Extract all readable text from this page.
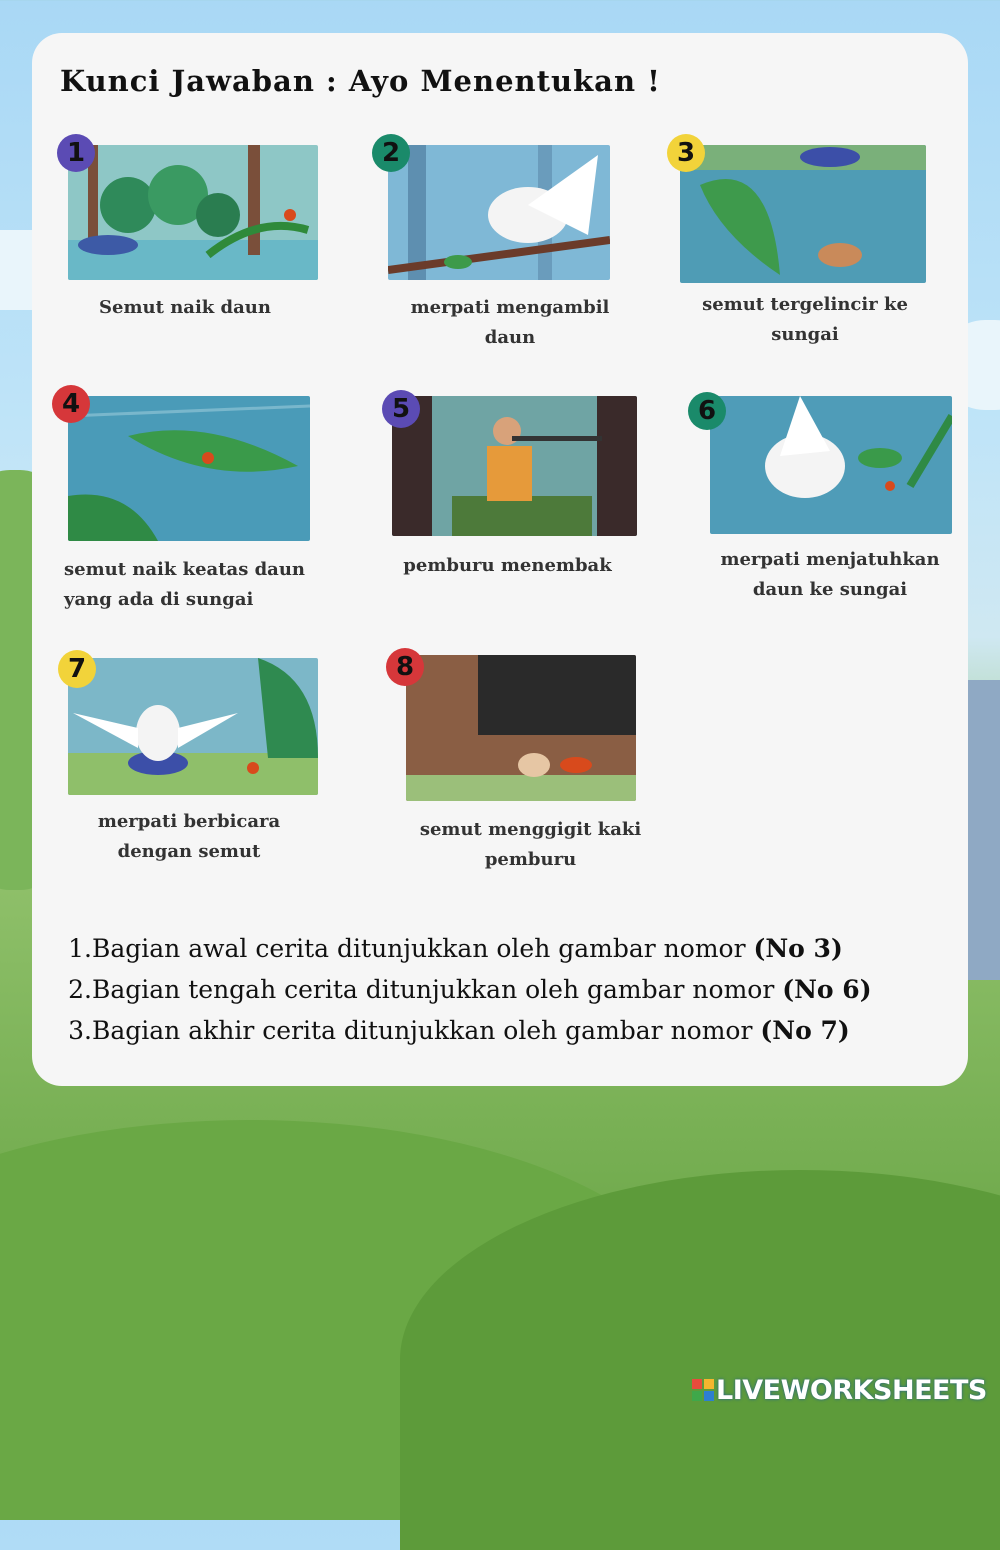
Kunci Jawaban : Ayo Menentukan !
1
Semut naik daun
2
merpati mengambil daun
3
semut tergelincir ke sungai
4
semut naik keatas daun yang ada di sungai
5
pemburu menembak
6
merpati menjatuhkan daun ke sungai
7
merpati berbicara dengan semut
8
semut menggigit kaki pemburu
1.Bagian awal cerita ditunjukkan oleh gambar nomor (No 3)
2.Bagian tengah cerita ditunjukkan oleh gambar nomor (No 6)
3.Bagian akhir cerita ditunjukkan oleh gambar nomor (No 7)
LIVEWORKSHEETS
